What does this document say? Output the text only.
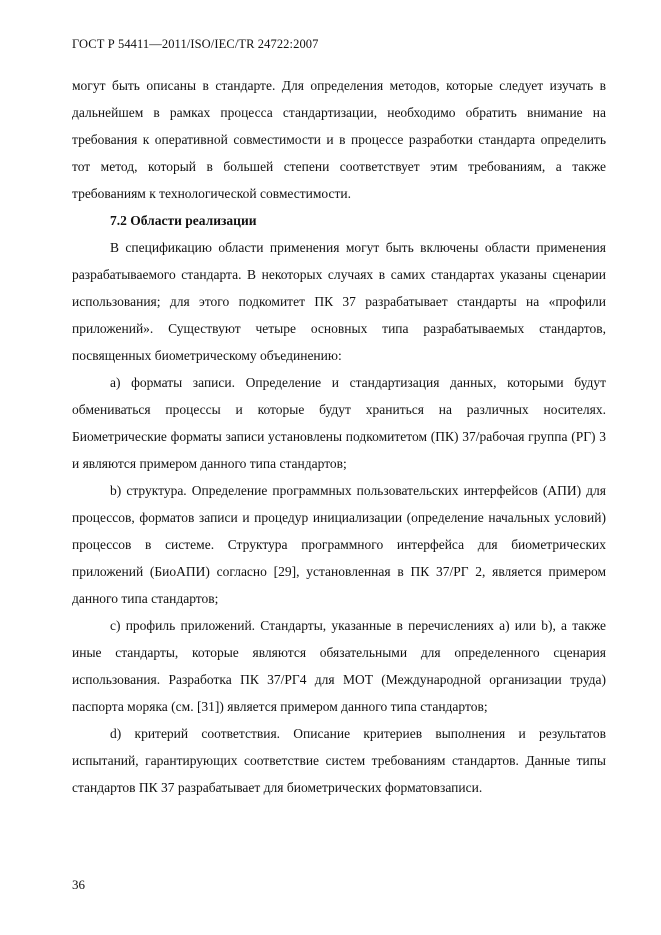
ГОСТ Р 54411—2011/ISO/IEC/TR 24722:2007

могут быть описаны в стандарте. Для определения методов, которые следует изучать в дальнейшем в рамках процесса стандартизации, необходимо обратить внимание на требования к оперативной совместимости и в процессе разработки стандарта определить тот метод, который в большей степени соответствует этим требованиям, а также требованиям к технологической совместимости.

7.2 Области реализации

В спецификацию области применения могут быть включены области применения разрабатываемого стандарта. В некоторых случаях в самих стандартах указаны сценарии использования; для этого подкомитет ПК 37 разрабатывает стандарты на «профили приложений». Существуют четыре основных типа разрабатываемых стандартов, посвященных биометрическому объединению:

a) форматы записи. Определение и стандартизация данных, которыми будут обмениваться процессы и которые будут храниться на различных носителях. Биометрические форматы записи установлены подкомитетом (ПК) 37/рабочая группа (РГ) 3 и являются примером данного типа стандартов;

b) структура. Определение программных пользовательских интерфейсов (АПИ) для процессов, форматов записи и процедур инициализации (определение начальных условий) процессов в системе. Структура программного интерфейса для биометрических приложений (БиоАПИ) согласно [29], установленная в ПК 37/РГ 2, является примером данного типа стандартов;

c) профиль приложений. Стандарты, указанные в перечислениях a) или b), а также иные стандарты, которые являются обязательными для определенного сценария использования. Разработка ПК 37/РГ4 для МОТ (Международной организации труда) паспорта моряка (см. [31]) является примером данного типа стандартов;

d) критерий соответствия. Описание критериев выполнения и результатов испытаний, гарантирующих соответствие систем требованиям стандартов. Данные типы стандартов ПК 37 разрабатывает для биометрических форматовзаписи.

36
